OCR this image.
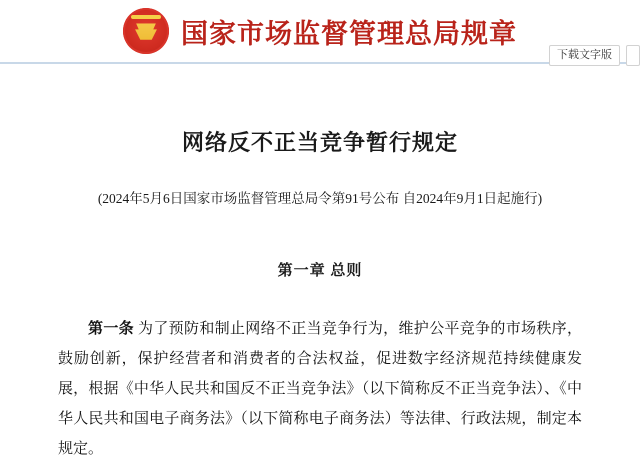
国家市场监督管理总局规章
下载文字版
网络反不正当竞争暂行规定
(2024年5月6日国家市场监督管理总局令第91号公布 自2024年9月1日起施行)
第一章 总则
第一条 为了预防和制止网络不正当竞争行为，维护公平竞争的市场秩序，鼓励创新，保护经营者和消费者的合法权益，促进数字经济规范持续健康发展，根据《中华人民共和国反不正当竞争法》（以下简称反不正当竞争法）、《中华人民共和国电子商务法》（以下简称电子商务法）等法律、行政法规，制定本规定。
